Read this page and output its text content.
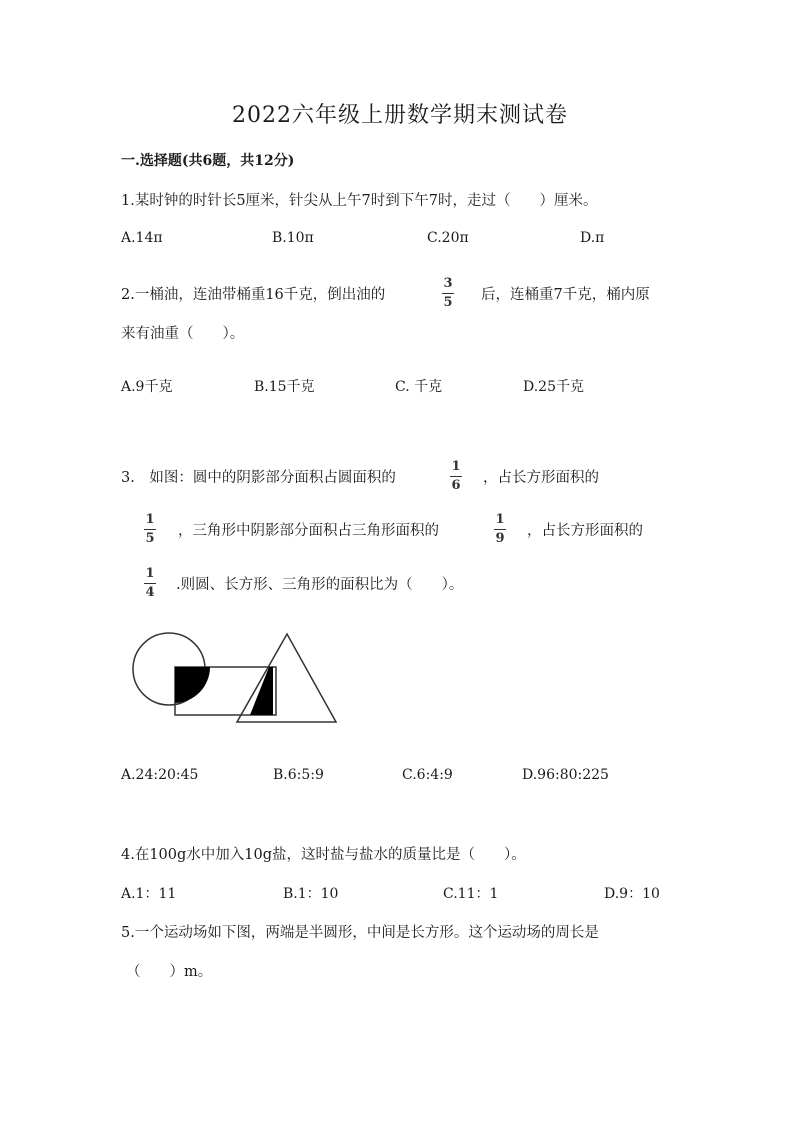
2022六年级上册数学期末测试卷
一.选择题(共6题，共12分)
1.某时钟的时针长5厘米，针尖从上午7时到下午7时，走过（　　）厘米。
A.14π	B.10π	C.20π	D.π
2.一桶油，连油带桶重16千克，倒出油的
3
5 后，连桶重7千克，桶内原
来有油重（　　）。
A.9千克	B.15千克	C. 千克	D.25千克
3.　如图：圆中的阴影部分面积占圆面积的
1
6 ，占长方形面积的
1
5 ，三角形中阴影部分面积占三角形面积的
1
9 ，占长方形面积的
1
4 .则圆、长方形、三角形的面积比为（　　）。
A.24:20:45	B.6:5:9	C.6:4:9	D.96:80:225
4.在100g水中加入10g盐，这时盐与盐水的质量比是（　　）。
A.1：11	B.1：10	C.11：1	D.9：10
5.一个运动场如下图，两端是半圆形，中间是长方形。这个运动场的周长是
（　　）m。
